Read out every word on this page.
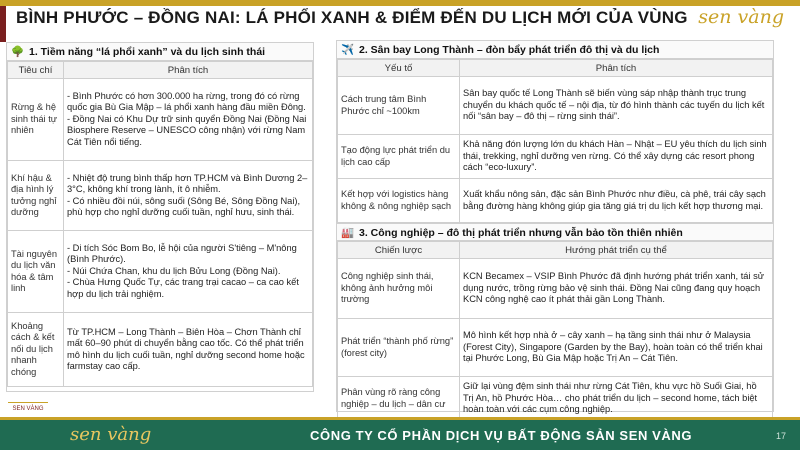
BÌNH PHƯỚC – ĐỒNG NAI: LÁ PHỔI XANH & ĐIỂM ĐẾN DU LỊCH MỚI CỦA VÙNG sen vàng
🌳 1. Tiềm năng “lá phổi xanh” và du lịch sinh thái
Tiêu chí	Phân tích
Rừng & hệ sinh thái tự nhiên	- Bình Phước có hơn 300.000 ha rừng, trong đó có rừng quốc gia Bù Gia Mập – lá phổi xanh hàng đầu miền Đông.
- Đồng Nai có Khu Dự trữ sinh quyển Đồng Nai (Đồng Nai Biosphere Reserve – UNESCO công nhận) với rừng Nam Cát Tiên nổi tiếng.
Khí hậu & địa hình lý tưởng nghỉ dưỡng	- Nhiệt độ trung bình thấp hơn TP.HCM và Bình Dương 2–3°C, không khí trong lành, ít ô nhiễm.
- Có nhiều đồi núi, sông suối (Sông Bé, Sông Đồng Nai), phù hợp cho nghỉ dưỡng cuối tuần, nghỉ hưu, sinh thái.
Tài nguyên du lịch văn hóa & tâm linh	- Di tích Sóc Bom Bo, lễ hội của người S'tiêng – M'nông (Bình Phước).
- Núi Chứa Chan, khu du lịch Bửu Long (Đồng Nai).
- Chùa Hưng Quốc Tự, các trang trại cacao – ca cao kết hợp du lịch trải nghiệm.
Khoảng cách & kết nối du lịch nhanh chóng	Từ TP.HCM – Long Thành – Biên Hòa – Chơn Thành chỉ mất 60–90 phút di chuyển bằng cao tốc. Có thể phát triển mô hình du lịch cuối tuần, nghỉ dưỡng second home hoặc farmstay cao cấp.
✈️ 2. Sân bay Long Thành – đòn bẩy phát triển đô thị và du lịch
Yếu tố	Phân tích
Cách trung tâm Bình Phước chỉ ~100km	Sân bay quốc tế Long Thành sẽ biến vùng sáp nhập thành trục trung chuyển du khách quốc tế – nội địa, từ đó hình thành các tuyến du lịch kết nối “sân bay – đô thị – rừng sinh thái”.
Tạo động lực phát triển du lịch cao cấp	Khả năng đón lượng lớn du khách Hàn – Nhật – EU yêu thích du lịch sinh thái, trekking, nghỉ dưỡng ven rừng. Có thể xây dựng các resort phong cách “eco-luxury”.
Kết hợp với logistics hàng không & nông nghiệp sạch	Xuất khẩu nông sản, đặc sản Bình Phước như điều, cà phê, trái cây sạch bằng đường hàng không giúp gia tăng giá trị du lịch kết hợp thương mại.
🏭 3. Công nghiệp – đô thị phát triển nhưng vẫn bảo tồn thiên nhiên
Chiến lược	Hướng phát triển cụ thể
Công nghiệp sinh thái, không ảnh hưởng môi trường	KCN Becamex – VSIP Bình Phước đã định hướng phát triển xanh, tái sử dụng nước, trồng rừng bảo vệ sinh thái. Đồng Nai cũng đang quy hoạch KCN công nghệ cao ít phát thải gần Long Thành.
Phát triển “thành phố rừng” (forest city)	Mô hình kết hợp nhà ở – cây xanh – hạ tầng sinh thái như ở Malaysia (Forest City), Singapore (Garden by the Bay), hoàn toàn có thể triển khai tại Phước Long, Bù Gia Mập hoặc Trị An – Cát Tiên.
Phân vùng rõ ràng công nghiệp – du lịch – dân cư	Giữ lại vùng đệm sinh thái như rừng Cát Tiên, khu vực hồ Suối Giai, hồ Trị An, hồ Phước Hòa… cho phát triển du lịch – second home, tách biệt hoàn toàn với các cụm công nghiệp.
SEN VÀNG
sen vàng	CÔNG TY CỔ PHẦN DỊCH VỤ BẤT ĐỘNG SẢN SEN VÀNG	17
